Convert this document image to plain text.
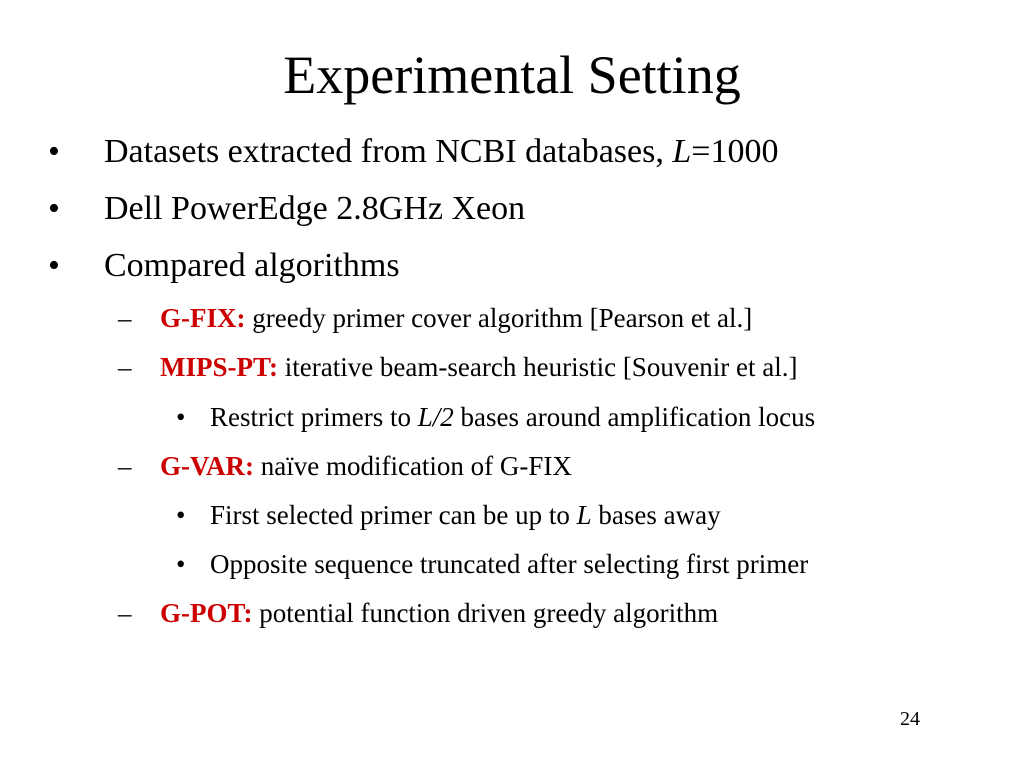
Experimental Setting
• Datasets extracted from NCBI databases, L=1000
• Dell PowerEdge 2.8GHz Xeon
• Compared algorithms
– G-FIX: greedy primer cover algorithm [Pearson et al.]
– MIPS-PT: iterative beam-search heuristic [Souvenir et al.]
• Restrict primers to L/2 bases around amplification locus
– G-VAR: naïve modification of G-FIX
• First selected primer can be up to L bases away
• Opposite sequence truncated after selecting first primer
– G-POT: potential function driven greedy algorithm
24
